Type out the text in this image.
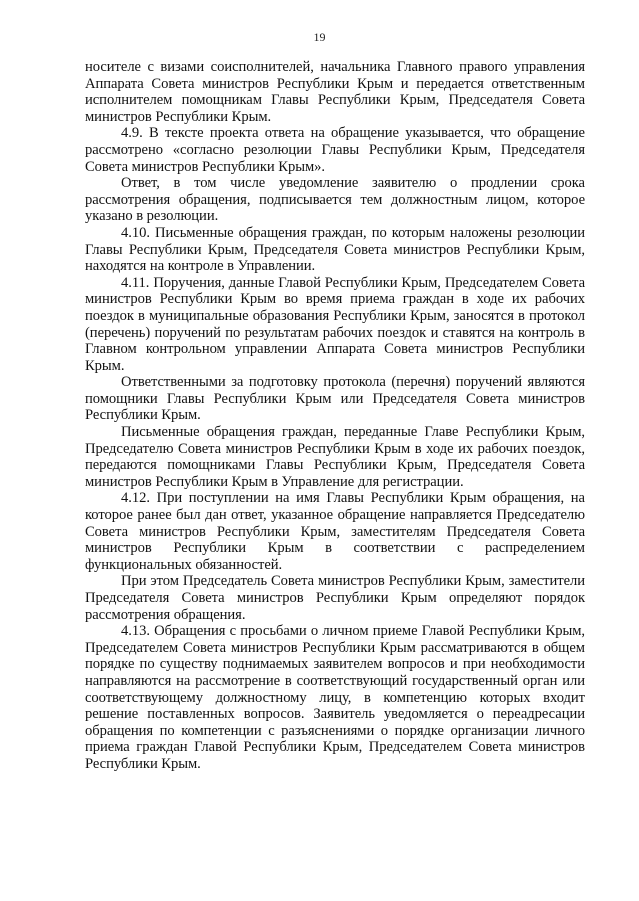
19

носителе с визами соисполнителей, начальника Главного правого управления Аппарата Совета министров Республики Крым и передается ответственным исполнителем помощникам Главы Республики Крым, Председателя Совета министров Республики Крым.

4.9. В тексте проекта ответа на обращение указывается, что обращение рассмотрено «согласно резолюции Главы Республики Крым, Председателя Совета министров Республики Крым».

Ответ, в том числе уведомление заявителю о продлении срока рассмотрения обращения, подписывается тем должностным лицом, которое указано в резолюции.

4.10. Письменные обращения граждан, по которым наложены резолюции Главы Республики Крым, Председателя Совета министров Республики Крым, находятся на контроле в Управлении.

4.11. Поручения, данные Главой Республики Крым, Председателем Совета министров Республики Крым во время приема граждан в ходе их рабочих поездок в муниципальные образования Республики Крым, заносятся в протокол (перечень) поручений по результатам рабочих поездок и ставятся на контроль в Главном контрольном управлении Аппарата Совета министров Республики Крым.

Ответственными за подготовку протокола (перечня) поручений являются помощники Главы Республики Крым или Председателя Совета министров Республики Крым.

Письменные обращения граждан, переданные Главе Республики Крым, Председателю Совета министров Республики Крым в ходе их рабочих поездок, передаются помощниками Главы Республики Крым, Председателя Совета министров Республики Крым в Управление для регистрации.

4.12. При поступлении на имя Главы Республики Крым обращения, на которое ранее был дан ответ, указанное обращение направляется Председателю Совета министров Республики Крым, заместителям Председателя Совета министров Республики Крым в соответствии с распределением функциональных обязанностей.

При этом Председатель Совета министров Республики Крым, заместители Председателя Совета министров Республики Крым определяют порядок рассмотрения обращения.

4.13. Обращения с просьбами о личном приеме Главой Республики Крым, Председателем Совета министров Республики Крым рассматриваются в общем порядке по существу поднимаемых заявителем вопросов и при необходимости направляются на рассмотрение в соответствующий государственный орган или соответствующему должностному лицу, в компетенцию которых входит решение поставленных вопросов. Заявитель уведомляется о переадресации обращения по компетенции с разъяснениями о порядке организации личного приема граждан Главой Республики Крым, Председателем Совета министров Республики Крым.
